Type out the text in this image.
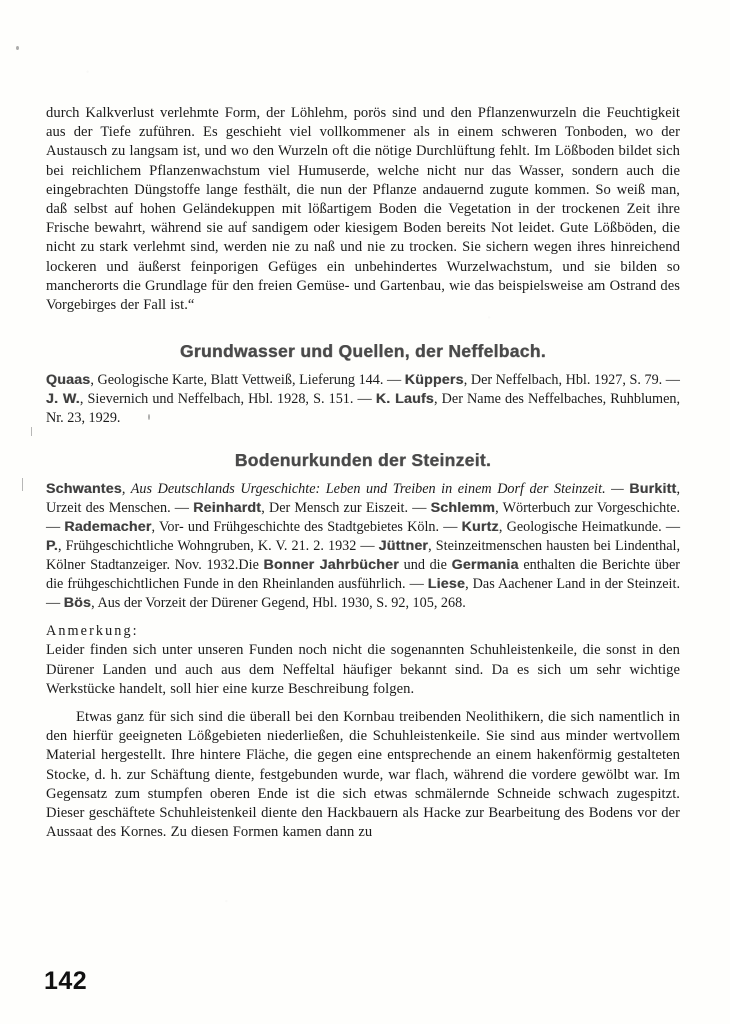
durch Kalkverlust verlehmte Form, der Löhlehm, porös sind und den Pflanzenwurzeln die Feuchtigkeit aus der Tiefe zuführen. Es geschieht viel vollkommener als in einem schweren Tonboden, wo der Austausch zu langsam ist, und wo den Wurzeln oft die nötige Durchlüftung fehlt. Im Lößboden bildet sich bei reichlichem Pflanzenwachstum viel Humuserde, welche nicht nur das Wasser, sondern auch die eingebrachten Düngstoffe lange festhält, die nun der Pflanze andauernd zugute kommen. So weiß man, daß selbst auf hohen Geländekuppen mit lößartigem Boden die Vegetation in der trockenen Zeit ihre Frische bewahrt, während sie auf sandigem oder kiesigem Boden bereits Not leidet. Gute Lößböden, die nicht zu stark verlehmt sind, werden nie zu naß und nie zu trocken. Sie sichern wegen ihres hinreichend lockeren und äußerst feinporigen Gefüges ein unbehindertes Wurzelwachstum, und sie bilden so mancherorts die Grundlage für den freien Gemüse- und Gartenbau, wie das beispielsweise am Ostrand des Vorgebirges der Fall ist.“

Grundwasser und Quellen, der Neffelbach.

Quaas, Geologische Karte, Blatt Vettweiß, Lieferung 144. — Küppers, Der Neffelbach, Hbl. 1927, S. 79. — J. W., Sievernich und Neffelbach, Hbl. 1928, S. 151. — K. Laufs, Der Name des Neffelbaches, Ruhblumen, Nr. 23, 1929.

Bodenurkunden der Steinzeit.

Schwantes, Aus Deutschlands Urgeschichte: Leben und Treiben in einem Dorf der Steinzeit. — Burkitt, Urzeit des Menschen. — Reinhardt, Der Mensch zur Eiszeit. — Schlemm, Wörterbuch zur Vorgeschichte. — Rademacher, Vor- und Frühgeschichte des Stadtgebietes Köln. — Kurtz, Geologische Heimatkunde. — P., Frühgeschichtliche Wohngruben, K. V. 21. 2. 1932 — Jüttner, Steinzeitmenschen hausten bei Lindenthal, Kölner Stadtanzeiger. Nov. 1932.Die Bonner Jahrbücher und die Germania enthalten die Berichte über die frühgeschichtlichen Funde in den Rheinlanden ausführlich. — Liese, Das Aachener Land in der Steinzeit. — Bös, Aus der Vorzeit der Dürener Gegend, Hbl. 1930, S. 92, 105, 268.

Anmerkung:

Leider finden sich unter unseren Funden noch nicht die sogenannten Schuhleistenkeile, die sonst in den Dürener Landen und auch aus dem Neffeltal häufiger bekannt sind. Da es sich um sehr wichtige Werkstücke handelt, soll hier eine kurze Beschreibung folgen.

Etwas ganz für sich sind die überall bei den Kornbau treibenden Neolithikern, die sich namentlich in den hierfür geeigneten Lößgebieten niederließen, die Schuhleistenkeile. Sie sind aus minder wertvollem Material hergestellt. Ihre hintere Fläche, die gegen eine entsprechende an einem hakenförmig gestalteten Stocke, d. h. zur Schäftung diente, festgebunden wurde, war flach, während die vordere gewölbt war. Im Gegensatz zum stumpfen oberen Ende ist die sich etwas schmälernde Schneide schwach zugespitzt. Dieser geschäftete Schuhleistenkeil diente den Hackbauern als Hacke zur Bearbeitung des Bodens vor der Aussaat des Kornes. Zu diesen Formen kamen dann zu

142
